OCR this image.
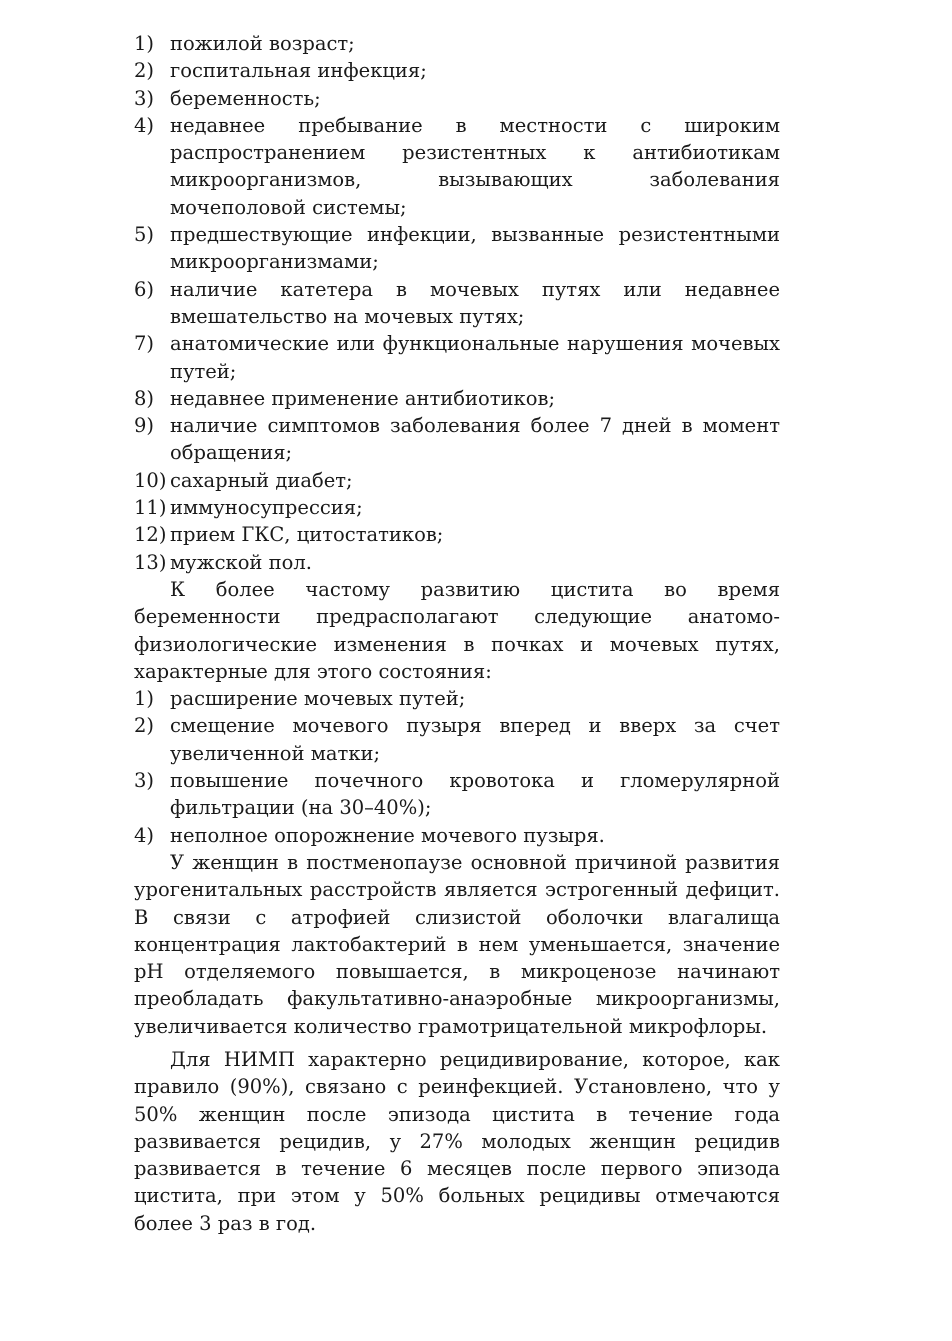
1) пожилой возраст;
2) госпитальная инфекция;
3) беременность;
4) недавнее пребывание в местности с широким распространением резистентных к антибиотикам микроорганизмов, вызывающих заболевания мочеполовой системы;
5) предшествующие инфекции, вызванные резистентными микроорганизмами;
6) наличие катетера в мочевых путях или недавнее вмешательство на мочевых путях;
7) анатомические или функциональные нарушения мочевых путей;
8) недавнее применение антибиотиков;
9) наличие симптомов заболевания более 7 дней в момент обращения;
10) сахарный диабет;
11) иммуносупрессия;
12) прием ГКС, цитостатиков;
13) мужской пол.

К более частому развитию цистита во время беременности предрасполагают следующие анатомо-физиологические изменения в почках и мочевых путях, характерные для этого состояния:

1) расширение мочевых путей;
2) смещение мочевого пузыря вперед и вверх за счет увеличенной матки;
3) повышение почечного кровотока и гломерулярной фильтрации (на 30–40%);
4) неполное опорожнение мочевого пузыря.

У женщин в постменопаузе основной причиной развития урогенитальных расстройств является эстрогенный дефицит. В связи с атрофией слизистой оболочки влагалища концентрация лактобактерий в нем уменьшается, значение pH отделяемого повышается, в микроценозе начинают преобладать факультативно-анаэробные микроорганизмы, увеличивается количество грамотрицательной микрофлоры.

Для НИМП характерно рецидивирование, которое, как правило (90%), связано с реинфекцией. Установлено, что у 50% женщин после эпизода цистита в течение года развивается рецидив, у 27% молодых женщин рецидив развивается в течение 6 месяцев после первого эпизода цистита, при этом у 50% больных рецидивы отмечаются более 3 раз в год.
